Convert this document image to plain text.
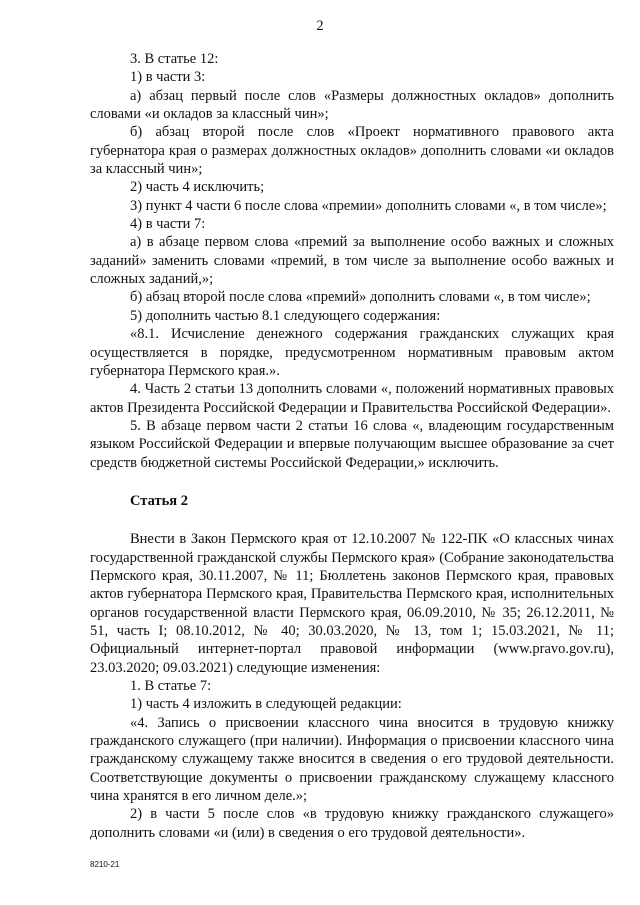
2

3. В статье 12:

1) в части 3:

а) абзац первый после слов «Размеры должностных окладов» дополнить словами «и окладов за классный чин»;

б) абзац второй после слов «Проект нормативного правового акта губернатора края о размерах должностных окладов» дополнить словами «и окладов за классный чин»;

2) часть 4 исключить;

3) пункт 4 части 6 после слова «премии» дополнить словами «, в том числе»;

4) в части 7:

а) в абзаце первом слова «премий за выполнение особо важных и сложных заданий» заменить словами «премий, в том числе за выполнение особо важных и сложных заданий,»;

б) абзац второй после слова «премий» дополнить словами «, в том числе»;

5) дополнить частью 8.1 следующего содержания:

«8.1. Исчисление денежного содержания гражданских служащих края осуществляется в порядке, предусмотренном нормативным правовым актом губернатора Пермского края.».

4. Часть 2 статьи 13 дополнить словами «, положений нормативных правовых актов Президента Российской Федерации и Правительства Российской Федерации».

5. В абзаце первом части 2 статьи 16 слова «, владеющим государственным языком Российской Федерации и впервые получающим высшее образование за счет средств бюджетной системы Российской Федерации,» исключить.

Статья 2

Внести в Закон Пермского края от 12.10.2007 № 122-ПК «О классных чинах государственной гражданской службы Пермского края» (Собрание законодательства Пермского края, 30.11.2007, № 11; Бюллетень законов Пермского края, правовых актов губернатора Пермского края, Правительства Пермского края, исполнительных органов государственной власти Пермского края, 06.09.2010, № 35; 26.12.2011, № 51, часть I; 08.10.2012, № 40; 30.03.2020, № 13, том 1; 15.03.2021, № 11; Официальный интернет-портал правовой информации (www.pravo.gov.ru), 23.03.2020; 09.03.2021) следующие изменения:

1. В статье 7:

1) часть 4 изложить в следующей редакции:

«4. Запись о присвоении классного чина вносится в трудовую книжку гражданского служащего (при наличии). Информация о присвоении классного чина гражданскому служащему также вносится в сведения о его трудовой деятельности. Соответствующие документы о присвоении гражданскому служащему классного чина хранятся в его личном деле.»;

2) в части 5 после слов «в трудовую книжку гражданского служащего» дополнить словами «и (или) в сведения о его трудовой деятельности».

8210-21
